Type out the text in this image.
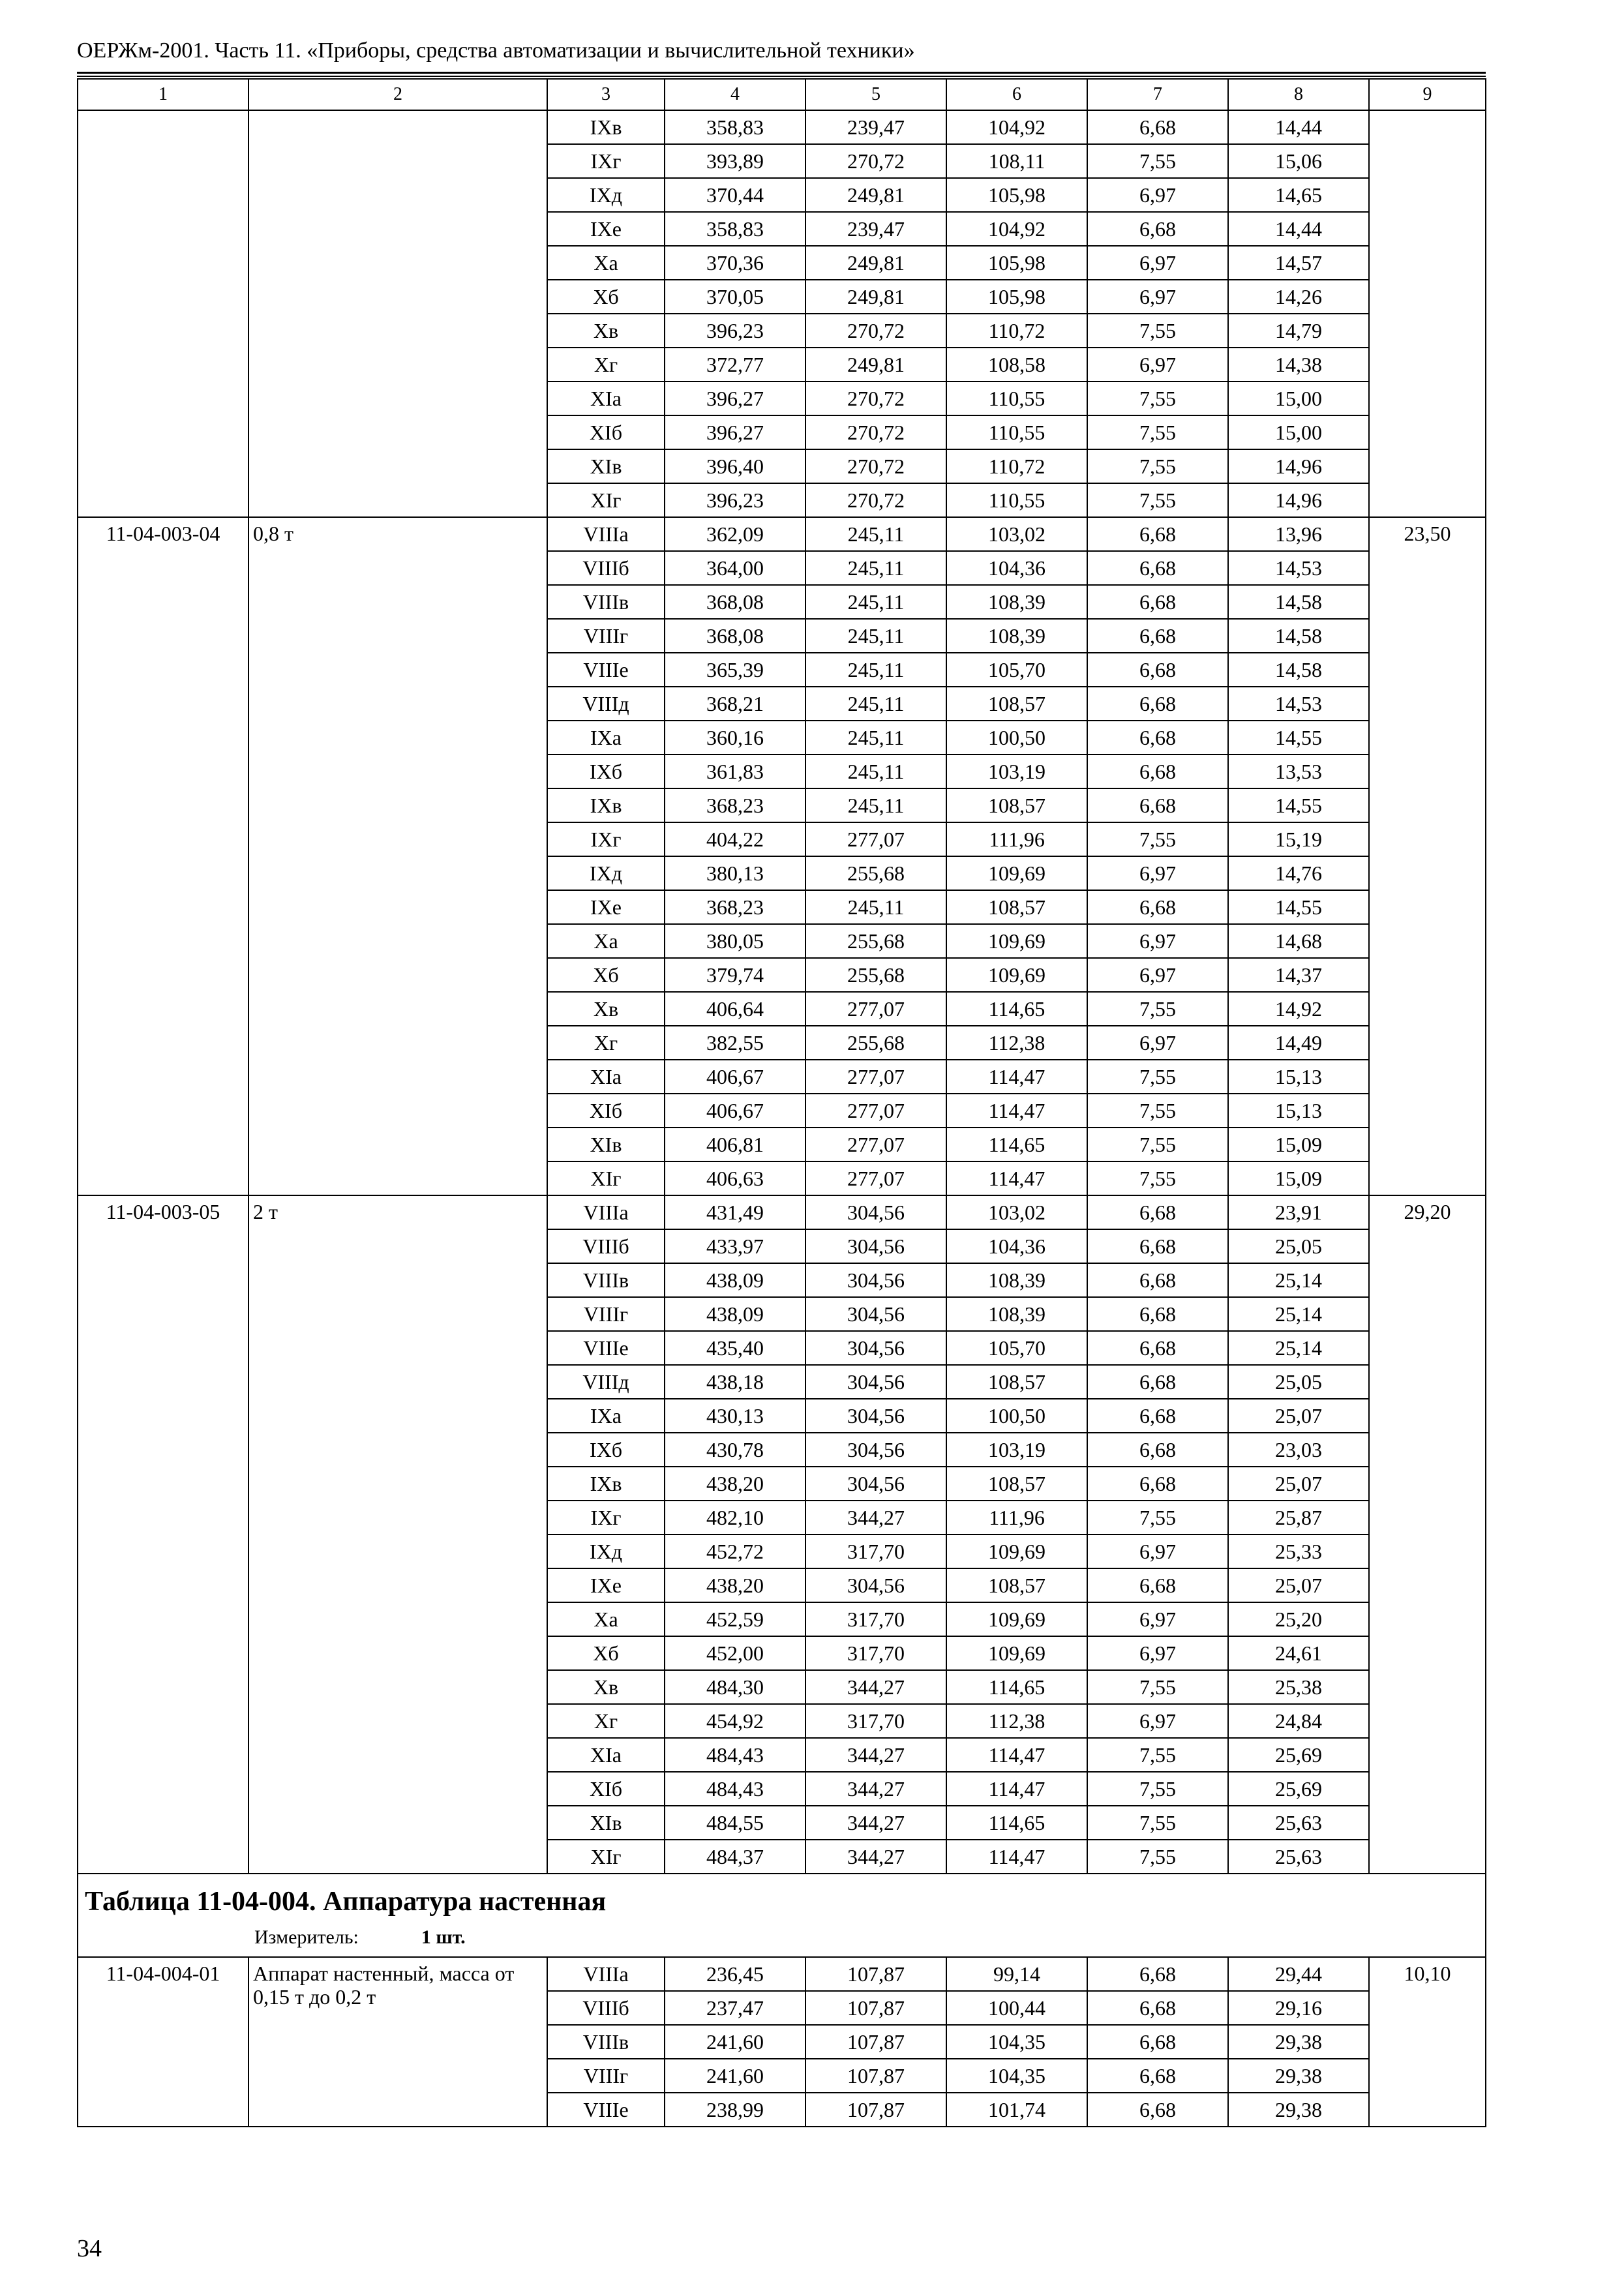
ОЕРЖм-2001. Часть 11. «Приборы, средства автоматизации и вычислительной техники»
1	2	3	4	5	6	7	8	9
		IXв	358,83	239,47	104,92	6,68	14,44	
		IXг	393,89	270,72	108,11	7,55	15,06	
		IXд	370,44	249,81	105,98	6,97	14,65	
		IXе	358,83	239,47	104,92	6,68	14,44	
		Xа	370,36	249,81	105,98	6,97	14,57	
		Xб	370,05	249,81	105,98	6,97	14,26	
		Xв	396,23	270,72	110,72	7,55	14,79	
		Xг	372,77	249,81	108,58	6,97	14,38	
		XIа	396,27	270,72	110,55	7,55	15,00	
		XIб	396,27	270,72	110,55	7,55	15,00	
		XIв	396,40	270,72	110,72	7,55	14,96	
		XIг	396,23	270,72	110,55	7,55	14,96	
11-04-003-04	0,8 т	VIIIа	362,09	245,11	103,02	6,68	13,96	23,50
		VIIIб	364,00	245,11	104,36	6,68	14,53	
		VIIIв	368,08	245,11	108,39	6,68	14,58	
		VIIIг	368,08	245,11	108,39	6,68	14,58	
		VIIIе	365,39	245,11	105,70	6,68	14,58	
		VIIIд	368,21	245,11	108,57	6,68	14,53	
		IXа	360,16	245,11	100,50	6,68	14,55	
		IXб	361,83	245,11	103,19	6,68	13,53	
		IXв	368,23	245,11	108,57	6,68	14,55	
		IXг	404,22	277,07	111,96	7,55	15,19	
		IXд	380,13	255,68	109,69	6,97	14,76	
		IXе	368,23	245,11	108,57	6,68	14,55	
		Xа	380,05	255,68	109,69	6,97	14,68	
		Xб	379,74	255,68	109,69	6,97	14,37	
		Xв	406,64	277,07	114,65	7,55	14,92	
		Xг	382,55	255,68	112,38	6,97	14,49	
		XIа	406,67	277,07	114,47	7,55	15,13	
		XIб	406,67	277,07	114,47	7,55	15,13	
		XIв	406,81	277,07	114,65	7,55	15,09	
		XIг	406,63	277,07	114,47	7,55	15,09	
11-04-003-05	2 т	VIIIа	431,49	304,56	103,02	6,68	23,91	29,20
		VIIIб	433,97	304,56	104,36	6,68	25,05	
		VIIIв	438,09	304,56	108,39	6,68	25,14	
		VIIIг	438,09	304,56	108,39	6,68	25,14	
		VIIIе	435,40	304,56	105,70	6,68	25,14	
		VIIIд	438,18	304,56	108,57	6,68	25,05	
		IXа	430,13	304,56	100,50	6,68	25,07	
		IXб	430,78	304,56	103,19	6,68	23,03	
		IXв	438,20	304,56	108,57	6,68	25,07	
		IXг	482,10	344,27	111,96	7,55	25,87	
		IXд	452,72	317,70	109,69	6,97	25,33	
		IXе	438,20	304,56	108,57	6,68	25,07	
		Xа	452,59	317,70	109,69	6,97	25,20	
		Xб	452,00	317,70	109,69	6,97	24,61	
		Xв	484,30	344,27	114,65	7,55	25,38	
		Xг	454,92	317,70	112,38	6,97	24,84	
		XIа	484,43	344,27	114,47	7,55	25,69	
		XIб	484,43	344,27	114,47	7,55	25,69	
		XIв	484,55	344,27	114,65	7,55	25,63	
		XIг	484,37	344,27	114,47	7,55	25,63	

Таблица 11-04-004. Аппаратура настенная
Измеритель: 1 шт.								

11-04-004-01	Аппарат настенный, масса от 0,15 т до 0,2 т	VIIIа	236,45	107,87	99,14	6,68	29,44	10,10
		VIIIб	237,47	107,87	100,44	6,68	29,16	
		VIIIв	241,60	107,87	104,35	6,68	29,38	
		VIIIг	241,60	107,87	104,35	6,68	29,38	
		VIIIе	238,99	107,87	101,74	6,68	29,38	
34
